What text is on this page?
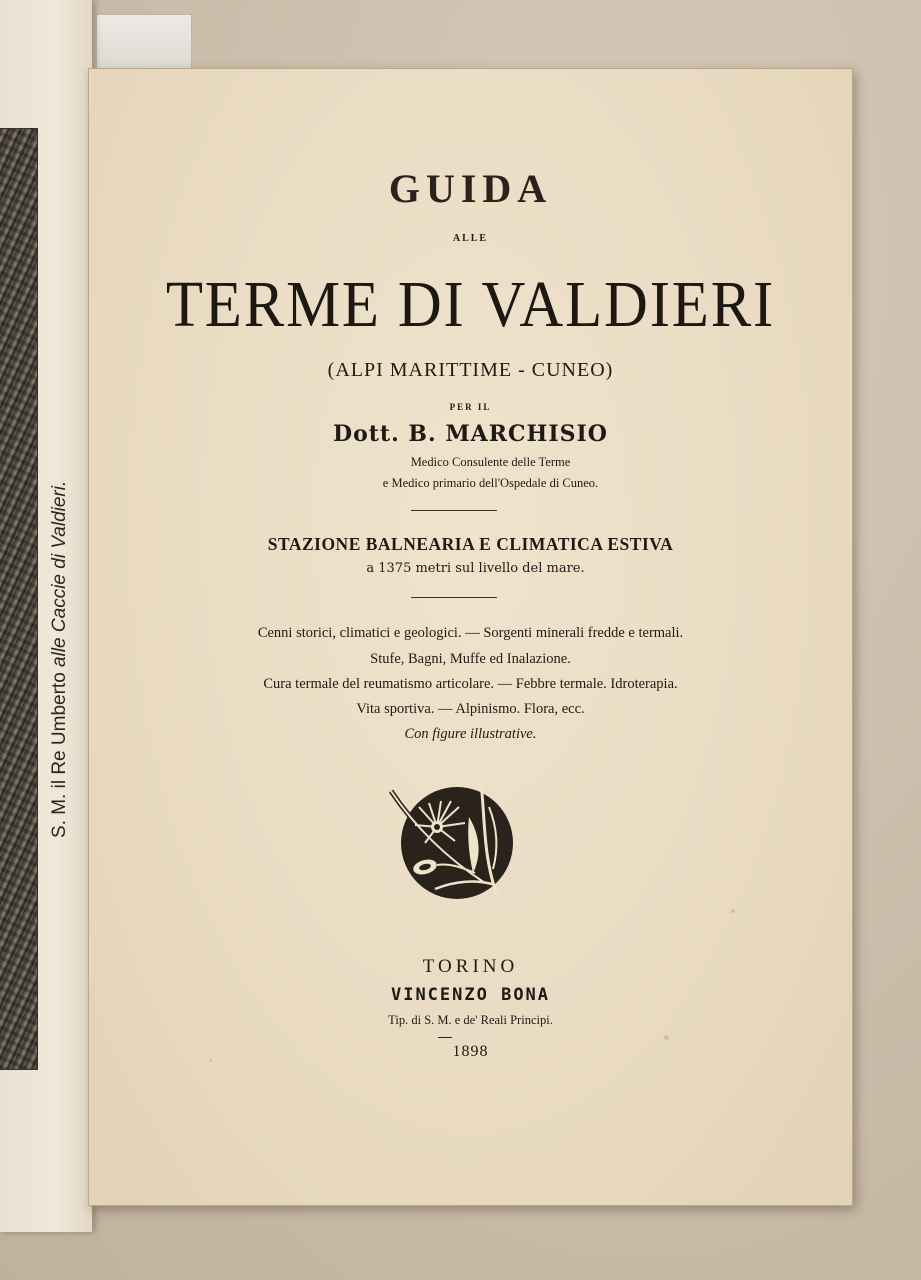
S. M. il Re Umberto alle Caccie di Valdieri.
GUIDA
ALLE
TERME DI VALDIERI
(ALPI MARITTIME - CUNEO)
PER IL
Dott. B. MARCHISIO
Medico Consulente delle Terme
e Medico primario dell'Ospedale di Cuneo.
STAZIONE BALNEARIA E CLIMATICA ESTIVA
a 1375 metri sul livello del mare.
Cenni storici, climatici e geologici. — Sorgenti minerali fredde e termali.
Stufe, Bagni, Muffe ed Inalazione.
Cura termale del reumatismo articolare. — Febbre termale. Idroterapia.
Vita sportiva. — Alpinismo. Flora, ecc.
Con figure illustrative.
TORINO
VINCENZO BONA
Tip. di S. M. e de' Reali Principi.
1898
